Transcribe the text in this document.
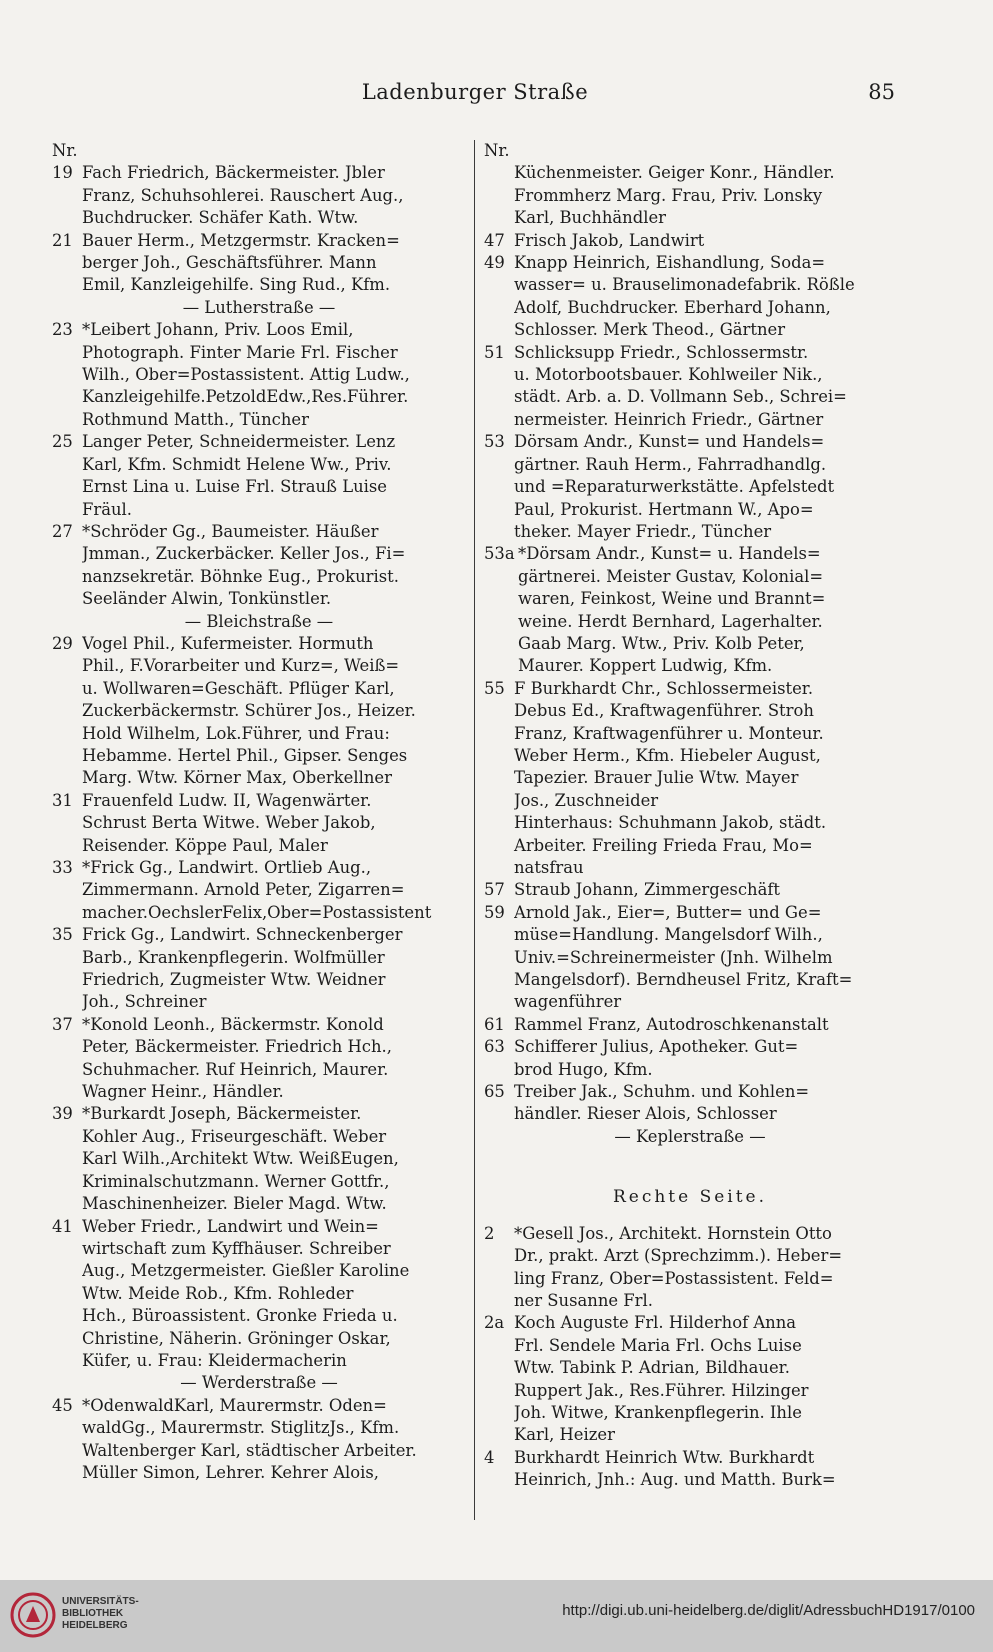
Ladenburger Straße	85
Nr.
19 Fach Friedrich, Bäckermeister. Jbler
Franz, Schuhsohlerei. Rauschert Aug.,
Buchdrucker. Schäfer Kath. Wtw.
21 Bauer Herm., Metzgermstr. Kracken=
berger Joh., Geschäftsführer. Mann
Emil, Kanzleigehilfe. Sing Rud., Kfm.
— Lutherstraße —
23 *Leibert Johann, Priv. Loos Emil,
Photograph. Finter Marie Frl. Fischer
Wilh., Ober=Postassistent. Attig Ludw.,
Kanzleigehilfe.PetzoldEdw.,Res.Führer.
Rothmund Matth., Tüncher
25 Langer Peter, Schneidermeister. Lenz
Karl, Kfm. Schmidt Helene Ww., Priv.
Ernst Lina u. Luise Frl. Strauß Luise
Fräul.
27 *Schröder Gg., Baumeister. Häußer
Jmman., Zuckerbäcker. Keller Jos., Fi=
nanzsekretär. Böhnke Eug., Prokurist.
Seeländer Alwin, Tonkünstler.
— Bleichstraße —
29 Vogel Phil., Kufermeister. Hormuth
Phil., F.Vorarbeiter und Kurz=, Weiß=
u. Wollwaren=Geschäft. Pflüger Karl,
Zuckerbäckermstr. Schürer Jos., Heizer.
Hold Wilhelm, Lok.Führer, und Frau:
Hebamme. Hertel Phil., Gipser. Senges
Marg. Wtw. Körner Max, Oberkellner
31 Frauenfeld Ludw. II, Wagenwärter.
Schrust Berta Witwe. Weber Jakob,
Reisender. Köppe Paul, Maler
33 *Frick Gg., Landwirt. Ortlieb Aug.,
Zimmermann. Arnold Peter, Zigarren=
macher.OechslerFelix,Ober=Postassistent
35 Frick Gg., Landwirt. Schneckenberger
Barb., Krankenpflegerin. Wolfmüller
Friedrich, Zugmeister Wtw. Weidner
Joh., Schreiner
37 *Konold Leonh., Bäckermstr. Konold
Peter, Bäckermeister. Friedrich Hch.,
Schuhmacher. Ruf Heinrich, Maurer.
Wagner Heinr., Händler.
39 *Burkardt Joseph, Bäckermeister.
Kohler Aug., Friseurgeschäft. Weber
Karl Wilh.,Architekt Wtw. WeißEugen,
Kriminalschutzmann. Werner Gottfr.,
Maschinenheizer. Bieler Magd. Wtw.
41 Weber Friedr., Landwirt und Wein=
wirtschaft zum Kyffhäuser. Schreiber
Aug., Metzgermeister. Gießler Karoline
Wtw. Meide Rob., Kfm. Rohleder
Hch., Büroassistent. Gronke Frieda u.
Christine, Näherin. Gröninger Oskar,
Küfer, u. Frau: Kleidermacherin
— Werderstraße —
45 *OdenwaldKarl, Maurermstr. Oden=
waldGg., Maurermstr. StiglitzJs., Kfm.
Waltenberger Karl, städtischer Arbeiter.
Müller Simon, Lehrer. Kehrer Alois,
Nr.
Küchenmeister. Geiger Konr., Händler.
Frommherz Marg. Frau, Priv. Lonsky
Karl, Buchhändler
47 Frisch Jakob, Landwirt
49 Knapp Heinrich, Eishandlung, Soda=
wasser= u. Brauselimonadefabrik. Rößle
Adolf, Buchdrucker. Eberhard Johann,
Schlosser. Merk Theod., Gärtner
51 Schlicksupp Friedr., Schlossermstr.
u. Motorbootsbauer. Kohlweiler Nik.,
städt. Arb. a. D. Vollmann Seb., Schrei=
nermeister. Heinrich Friedr., Gärtner
53 Dörsam Andr., Kunst= und Handels=
gärtner. Rauh Herm., Fahrradhandlg.
und =Reparaturwerkstätte. Apfelstedt
Paul, Prokurist. Hertmann W., Apo=
theker. Mayer Friedr., Tüncher
53a *Dörsam Andr., Kunst= u. Handels=
gärtnerei. Meister Gustav, Kolonial=
waren, Feinkost, Weine und Brannt=
weine. Herdt Bernhard, Lagerhalter.
Gaab Marg. Wtw., Priv. Kolb Peter,
Maurer. Koppert Ludwig, Kfm.
55 F Burkhardt Chr., Schlossermeister.
Debus Ed., Kraftwagenführer. Stroh
Franz, Kraftwagenführer u. Monteur.
Weber Herm., Kfm. Hiebeler August,
Tapezier. Brauer Julie Wtw. Mayer
Jos., Zuschneider
Hinterhaus: Schuhmann Jakob, städt.
Arbeiter. Freiling Frieda Frau, Mo=
natsfrau
57 Straub Johann, Zimmergeschäft
59 Arnold Jak., Eier=, Butter= und Ge=
müse=Handlung. Mangelsdorf Wilh.,
Univ.=Schreinermeister (Jnh. Wilhelm
Mangelsdorf). Berndheusel Fritz, Kraft=
wagenführer
61 Rammel Franz, Autodroschkenanstalt
63 Schifferer Julius, Apotheker. Gut=
brod Hugo, Kfm.
65 Treiber Jak., Schuhm. und Kohlen=
händler. Rieser Alois, Schlosser
— Keplerstraße —
Rechte Seite.
2	*Gesell Jos., Architekt. Hornstein Otto
Dr., prakt. Arzt (Sprechzimm.). Heber=
ling Franz, Ober=Postassistent. Feld=
ner Susanne Frl.
2a Koch Auguste Frl. Hilderhof Anna
Frl. Sendele Maria Frl. Ochs Luise
Wtw. Tabink P. Adrian, Bildhauer.
Ruppert Jak., Res.Führer. Hilzinger
Joh. Witwe, Krankenpflegerin. Ihle
Karl, Heizer
4	Burkhardt Heinrich Wtw. Burkhardt
Heinrich, Jnh.: Aug. und Matth. Burk=
UNIVERSITÄTS-
BIBLIOTHEK
HEIDELBERG
http://digi.ub.uni-heidelberg.de/diglit/AdressbuchHD1917/0100
